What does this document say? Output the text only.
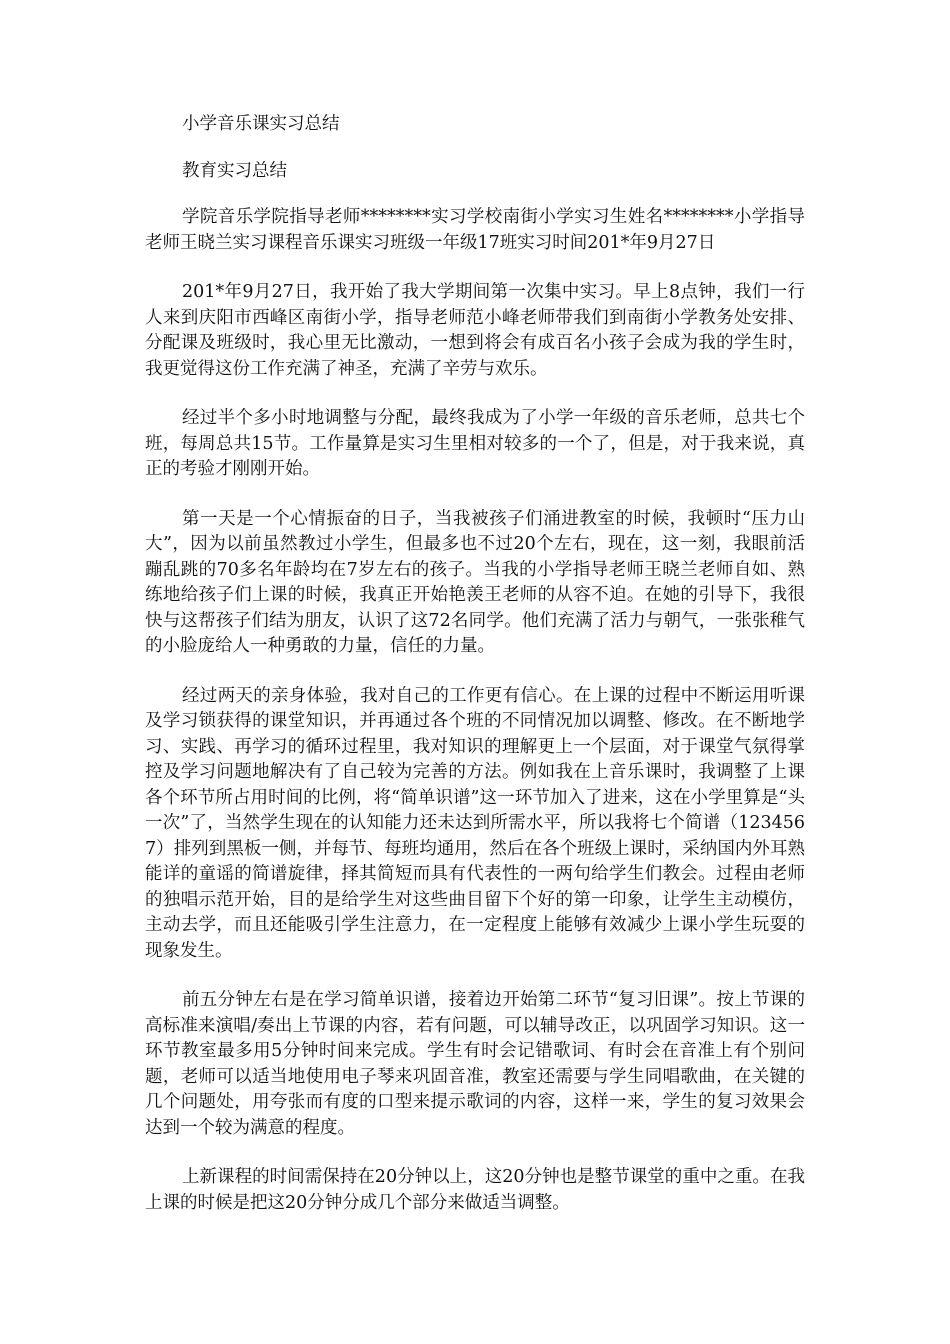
小学音乐课实习总结

教育实习总结

学院音乐学院指导老师********实习学校南街小学实习生姓名********小学指导老师王晓兰实习课程音乐课实习班级一年级17班实习时间201*年9月27日

201*年9月27日，我开始了我大学期间第一次集中实习。早上8点钟，我们一行人来到庆阳市西峰区南街小学，指导老师范小峰老师带我们到南街小学教务处安排、分配课及班级时，我心里无比激动，一想到将会有成百名小孩子会成为我的学生时，我更觉得这份工作充满了神圣，充满了辛劳与欢乐。

经过半个多小时地调整与分配，最终我成为了小学一年级的音乐老师，总共七个班，每周总共15节。工作量算是实习生里相对较多的一个了，但是，对于我来说，真正的考验才刚刚开始。

第一天是一个心情振奋的日子，当我被孩子们涌进教室的时候，我顿时“压力山大”，因为以前虽然教过小学生，但最多也不过20个左右，现在，这一刻，我眼前活蹦乱跳的70多名年龄均在7岁左右的孩子。当我的小学指导老师王晓兰老师自如、熟练地给孩子们上课的时候，我真正开始艳羡王老师的从容不迫。在她的引导下，我很快与这帮孩子们结为朋友，认识了这72名同学。他们充满了活力与朝气，一张张稚气的小脸庞给人一种勇敢的力量，信任的力量。

经过两天的亲身体验，我对自己的工作更有信心。在上课的过程中不断运用听课及学习锁获得的课堂知识，并再通过各个班的不同情况加以调整、修改。在不断地学习、实践、再学习的循环过程里，我对知识的理解更上一个层面，对于课堂气氛得掌控及学习问题地解决有了自己较为完善的方法。例如我在上音乐课时，我调整了上课各个环节所占用时间的比例，将“简单识谱”这一环节加入了进来，这在小学里算是“头一次”了，当然学生现在的认知能力还未达到所需水平，所以我将七个简谱（1234567）排列到黑板一侧，并每节、每班均通用，然后在各个班级上课时，采纳国内外耳熟能详的童谣的简谱旋律，择其简短而具有代表性的一两句给学生们教会。过程由老师的独唱示范开始，目的是给学生对这些曲目留下个好的第一印象，让学生主动模仿，主动去学，而且还能吸引学生注意力，在一定程度上能够有效减少上课小学生玩耍的现象发生。

前五分钟左右是在学习简单识谱，接着边开始第二环节“复习旧课”。按上节课的高标准来演唱/奏出上节课的内容，若有问题，可以辅导改正，以巩固学习知识。这一环节教室最多用5分钟时间来完成。学生有时会记错歌词、有时会在音准上有个别问题，老师可以适当地使用电子琴来巩固音准，教室还需要与学生同唱歌曲，在关键的几个问题处，用夸张而有度的口型来提示歌词的内容，这样一来，学生的复习效果会达到一个较为满意的程度。

上新课程的时间需保持在20分钟以上，这20分钟也是整节课堂的重中之重。在我上课的时候是把这20分钟分成几个部分来做适当调整。
